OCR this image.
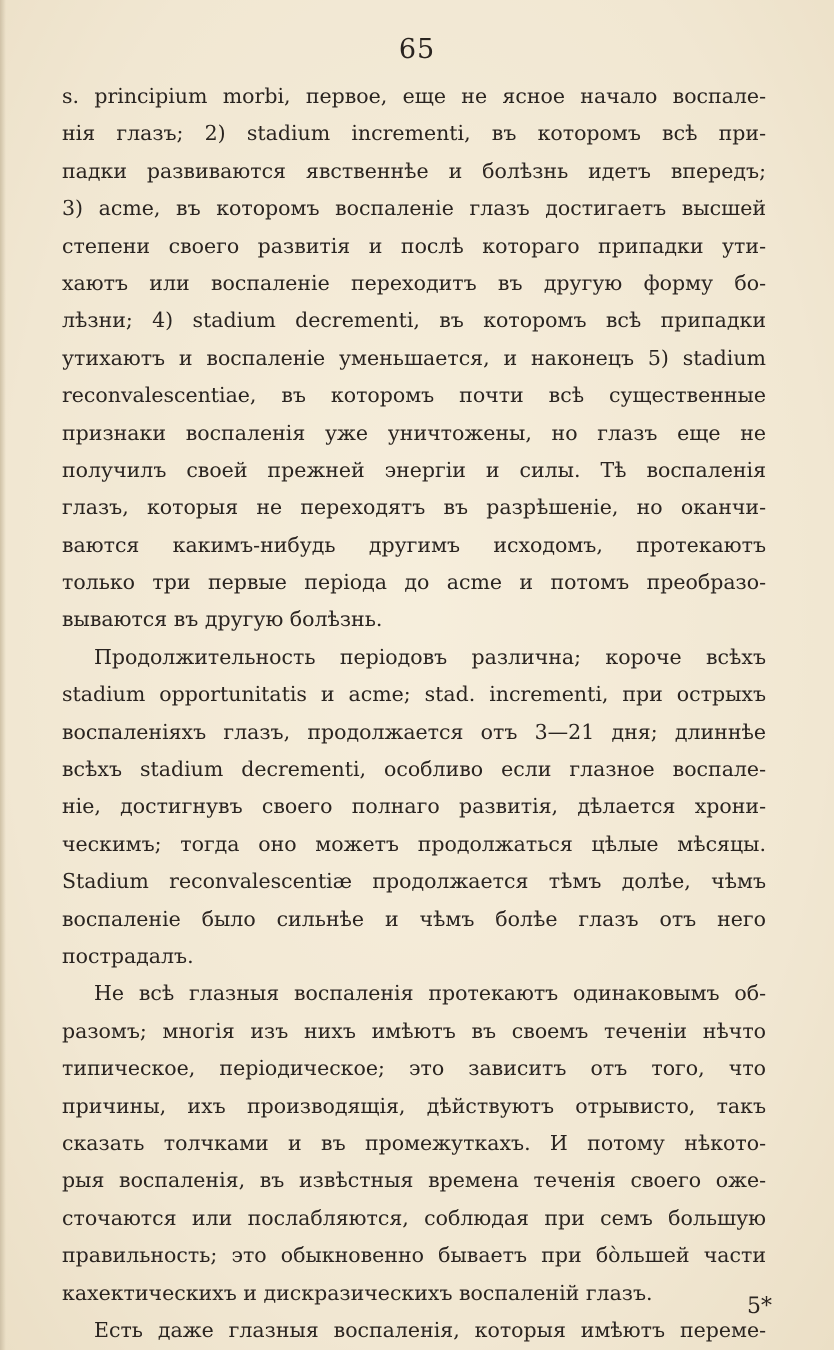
65
s. principium morbi, первое, еще не ясное начало воспале-
нія глазъ; 2) stadium incrementi, въ которомъ всѣ при-
падки развиваются явственнѣе и болѣзнь идетъ впередъ;
3) acme, въ которомъ воспаленіе глазъ достигаетъ высшей
степени своего развитія и послѣ котораго припадки ути-
хаютъ или воспаленіе переходитъ въ другую форму бо-
лѣзни; 4) stadium decrementi, въ которомъ всѣ припадки
утихаютъ и воспаленіе уменьшается, и наконецъ 5) stadium
reconvalescentiae, въ которомъ почти всѣ существенные
признаки воспаленія уже уничтожены, но глазъ еще не
получилъ своей прежней энергіи и силы. Тѣ воспаленія
глазъ, которыя не переходятъ въ разрѣшеніе, но оканчи-
ваются какимъ-нибудь другимъ исходомъ, протекаютъ
только три первые періода до acme и потомъ преобразо-
вываются въ другую болѣзнь.
Продолжительность періодовъ различна; короче всѣхъ
stadium opportunitatis и acme; stad. incrementi, при острыхъ
воспаленіяхъ глазъ, продолжается отъ 3—21 дня; длиннѣе
всѣхъ stadium decrementi, особливо если глазное воспале-
ніе, достигнувъ своего полнаго развитія, дѣлается хрони-
ческимъ; тогда оно можетъ продолжаться цѣлые мѣсяцы.
Stadium reconvalescentiæ продолжается тѣмъ долѣе, чѣмъ
воспаленіе было сильнѣе и чѣмъ болѣе глазъ отъ него
пострадалъ.
Не всѣ глазныя воспаленія протекаютъ одинаковымъ об-
разомъ; многія изъ нихъ имѣютъ въ своемъ теченіи нѣчто
типическое, періодическое; это зависитъ отъ того, что
причины, ихъ производящія, дѣйствуютъ отрывисто, такъ
сказать толчками и въ промежуткахъ. И потому нѣкото-
рыя воспаленія, въ извѣстныя времена теченія своего оже-
сточаются или послабляются, соблюдая при семъ большую
правильность; это обыкновенно бываетъ при бо̀льшей части
кахектическихъ и дискразическихъ воспаленій глазъ.
Есть даже глазныя воспаленія, которыя имѣютъ переме-
5*
